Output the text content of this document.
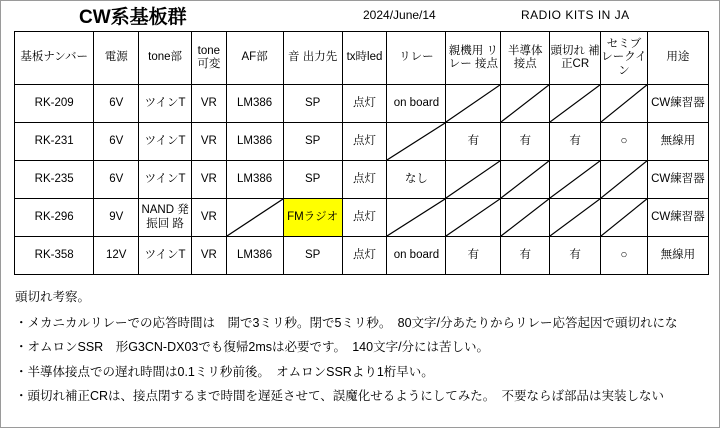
CW系基板群	2024/June/14	RADIO KITS IN JA
基板ナンバー	電源	tone部	tone 可変	AF部	音 出力先	tx時led	リレー	親機用 リレー 接点	半導体 接点	頭切れ 補正CR	セミブ レークイン	用途
RK-209	6V	ツインT	VR	LM386	SP	点灯	on board					CW練習器
RK-231	6V	ツインT	VR	LM386	SP	点灯		有	有	有	○	無線用
RK-235	6V	ツインT	VR	LM386	SP	点灯	なし					CW練習器
RK-296	9V	NAND 発振回 路	VR		FMラジオ	点灯						CW練習器
RK-358	12V	ツインT	VR	LM386	SP	点灯	on board	有	有	有	○	無線用
頭切れ考察。
・メカニカルリレーでの応答時間は　開で3ミリ秒。閉で5ミリ秒。　80文字/分あたりからリレー応答起因で頭切れにな
・オムロンSSR　形G3CN-DX03でも復帰2msは必要です。　140文字/分には苦しい。
・半導体接点での遅れ時間は0.1ミリ秒前後。　オムロンSSRより1桁早い。
・頭切れ補正CRは、接点閉するまで時間を遅延させて、誤魔化せるようにしてみた。　不要ならば部品は実装しない
